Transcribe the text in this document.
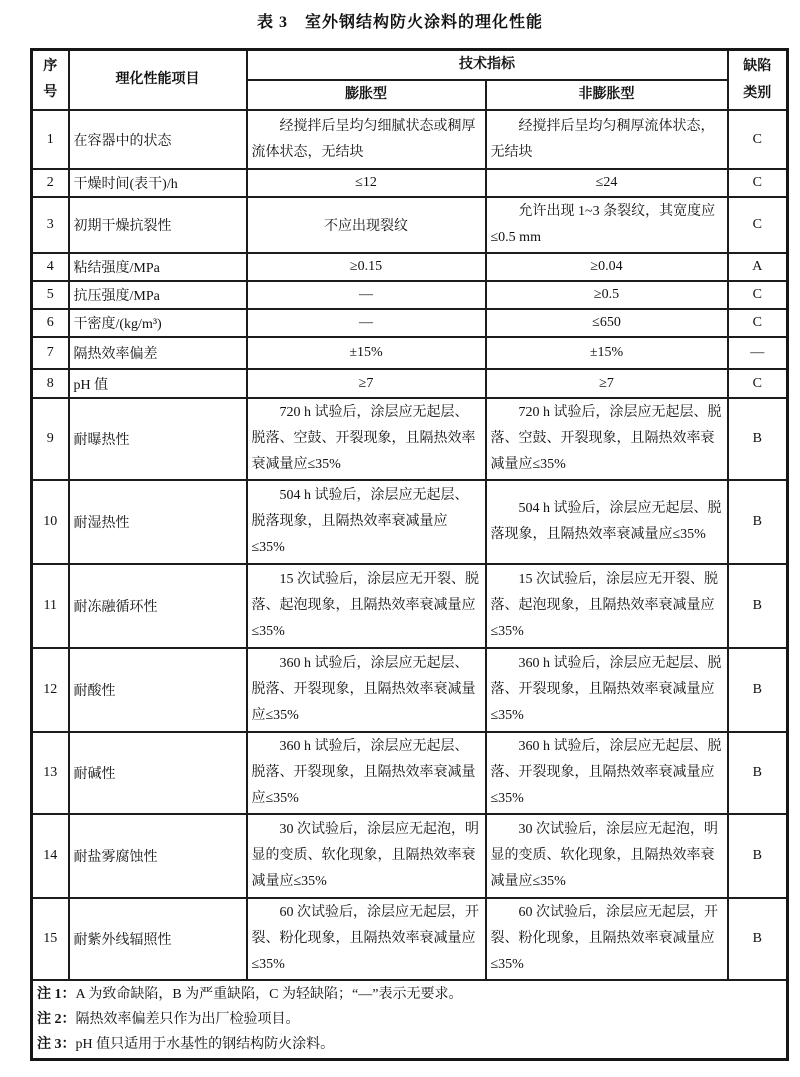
表 3　室外钢结构防火涂料的理化性能
序号	理化性能项目	技术指标		缺陷
类别

		膨胀型	非膨胀型	
1	在容器中的状态	经搅拌后呈均匀细腻状态或稠厚流体状态，无结块	经搅拌后呈均匀稠厚流体状态，无结块	C
2	干燥时间(表干)/h	≤12	≤24	C
3	初期干燥抗裂性	不应出现裂纹	允许出现 1~3 条裂纹，其宽度应≤0.5 mm	C
4	粘结强度/MPa	≥0.15	≥0.04	A
5	抗压强度/MPa	—	≥0.5	C
6	干密度/(kg/m³)	—	≤650	C
7	隔热效率偏差	±15%	±15%	—
8	pH 值	≥7	≥7	C
9	耐曝热性	720 h 试验后，涂层应无起层、脱落、空鼓、开裂现象，且隔热效率衰减量应≤35%	720 h 试验后，涂层应无起层、脱落、空鼓、开裂现象，且隔热效率衰减量应≤35%	B
10	耐湿热性	504 h 试验后，涂层应无起层、脱落现象，且隔热效率衰减量应≤35%	504 h 试验后，涂层应无起层、脱落现象，且隔热效率衰减量应≤35%	B
11	耐冻融循环性	15 次试验后，涂层应无开裂、脱落、起泡现象，且隔热效率衰减量应≤35%	15 次试验后，涂层应无开裂、脱落、起泡现象，且隔热效率衰减量应≤35%	B
12	耐酸性	360 h 试验后，涂层应无起层、脱落、开裂现象，且隔热效率衰减量应≤35%	360 h 试验后，涂层应无起层、脱落、开裂现象，且隔热效率衰减量应≤35%	B
13	耐碱性	360 h 试验后，涂层应无起层、脱落、开裂现象，且隔热效率衰减量应≤35%	360 h 试验后，涂层应无起层、脱落、开裂现象，且隔热效率衰减量应≤35%	B
14	耐盐雾腐蚀性	30 次试验后，涂层应无起泡，明显的变质、软化现象，且隔热效率衰减量应≤35%	30 次试验后，涂层应无起泡，明显的变质、软化现象，且隔热效率衰减量应≤35%	B
15	耐紫外线辐照性	60 次试验后，涂层应无起层，开裂、粉化现象，且隔热效率衰减量应≤35%	60 次试验后，涂层应无起层，开裂、粉化现象，且隔热效率衰减量应≤35%	B

注 1：A 为致命缺陷，B 为严重缺陷，C 为轻缺陷；“—”表示无要求。
注 2：隔热效率偏差只作为出厂检验项目。
注 3：pH 值只适用于水基性的钢结构防火涂料。				
